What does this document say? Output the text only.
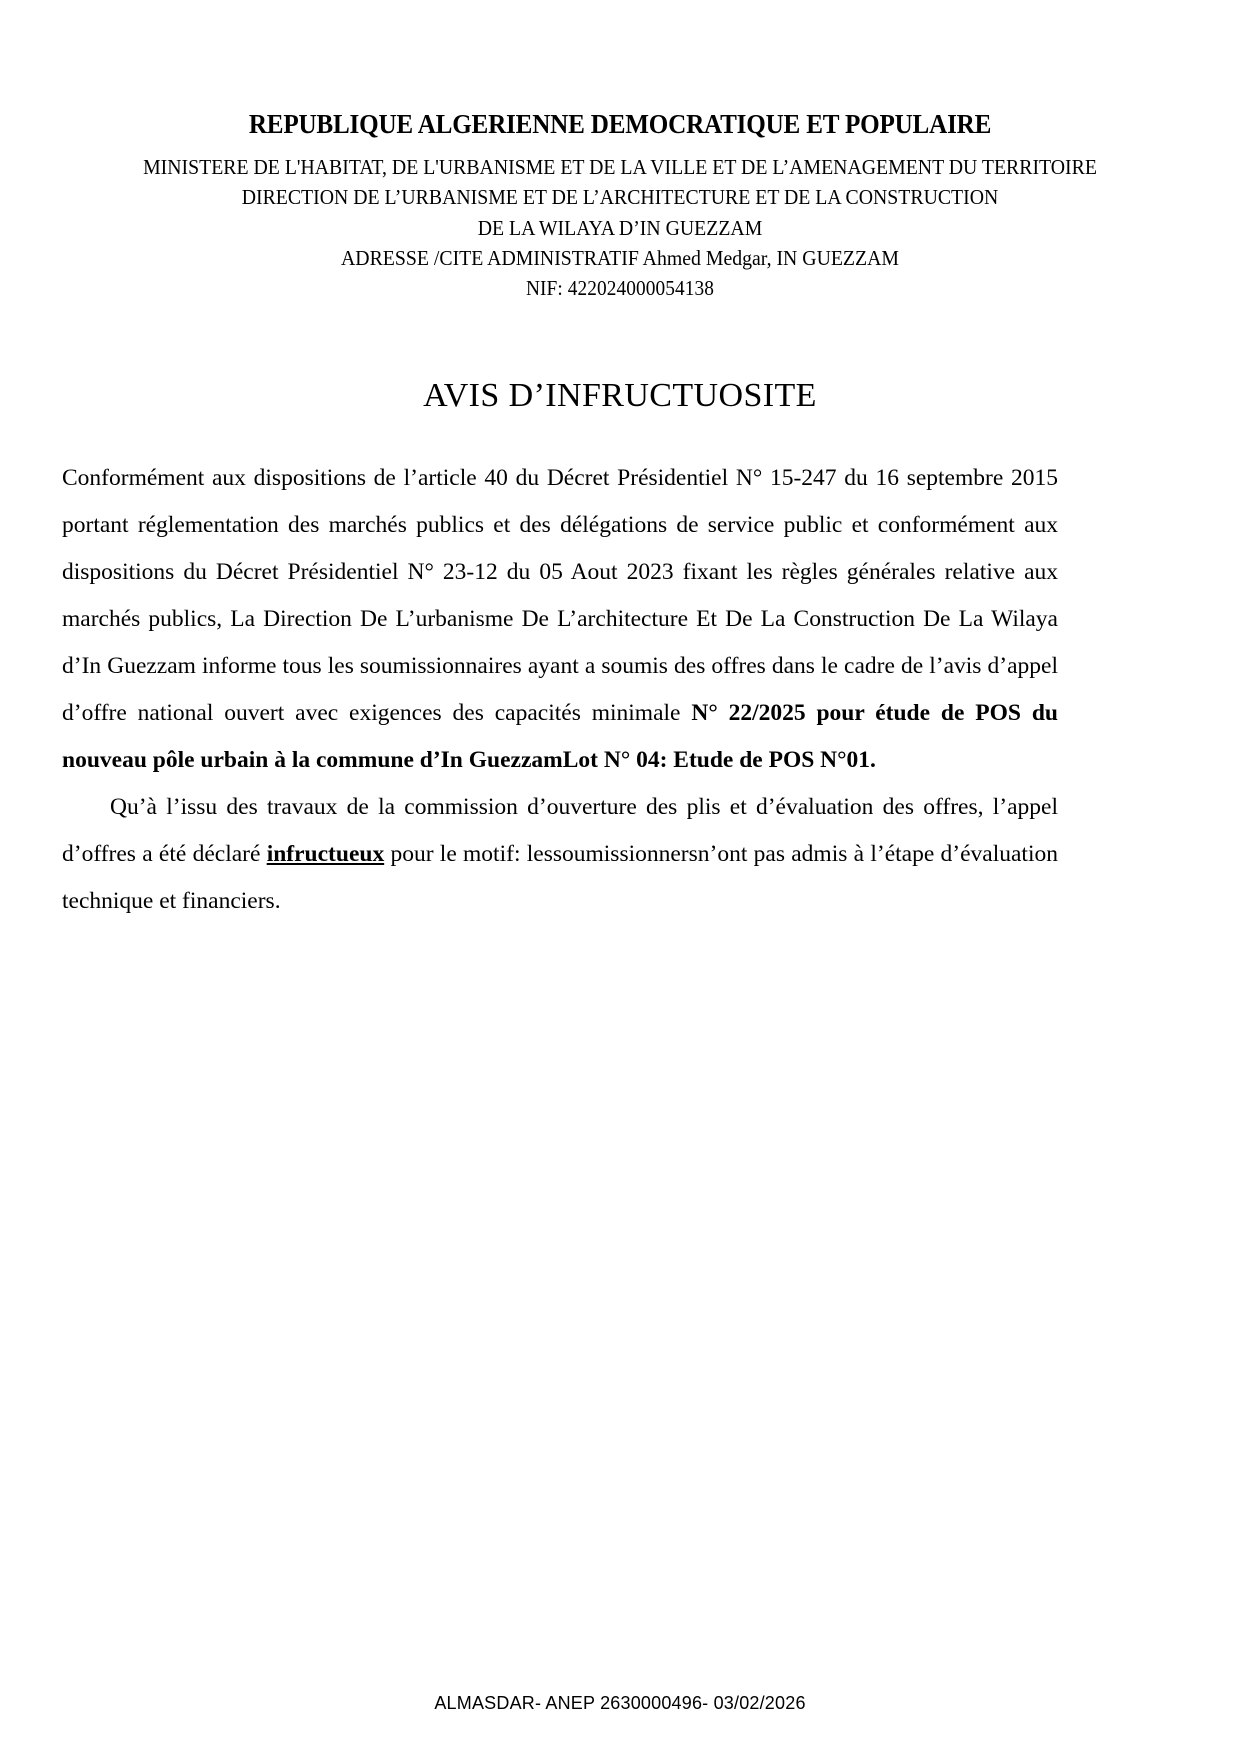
REPUBLIQUE ALGERIENNE DEMOCRATIQUE ET POPULAIRE
MINISTERE DE L'HABITAT, DE L'URBANISME ET DE LA VILLE ET DE L’AMENAGEMENT DU TERRITOIRE
DIRECTION DE L’URBANISME ET DE L’ARCHITECTURE ET DE LA CONSTRUCTION
DE LA WILAYA D’IN GUEZZAM
ADRESSE /CITE ADMINISTRATIF Ahmed Medgar, IN GUEZZAM
NIF: 422024000054138
AVIS D’INFRUCTUOSITE

Conformément aux dispositions de l’article 40 du Décret Présidentiel N° 15-247 du 16 septembre 2015 portant réglementation des marchés publics et des délégations de service public et conformément aux dispositions du Décret Présidentiel N° 23-12 du 05 Aout 2023 fixant les règles générales relative aux marchés publics, La Direction De L’urbanisme De L’architecture Et De La Construction De La Wilaya d’In Guezzam informe tous les soumissionnaires ayant a soumis des offres dans le cadre de l’avis d’appel d’offre national ouvert avec exigences des capacités minimale N° 22/2025 pour étude de POS du nouveau pôle urbain à la commune d’In GuezzamLot N° 04: Etude de POS N°01.

Qu’à l’issu des travaux de la commission d’ouverture des plis et d’évaluation des offres, l’appel d’offres a été déclaré infructueux pour le motif: lessoumissionnersn’ont pas admis à l’étape d’évaluation technique et financiers.

ALMASDAR- ANEP 2630000496- 03/02/2026
